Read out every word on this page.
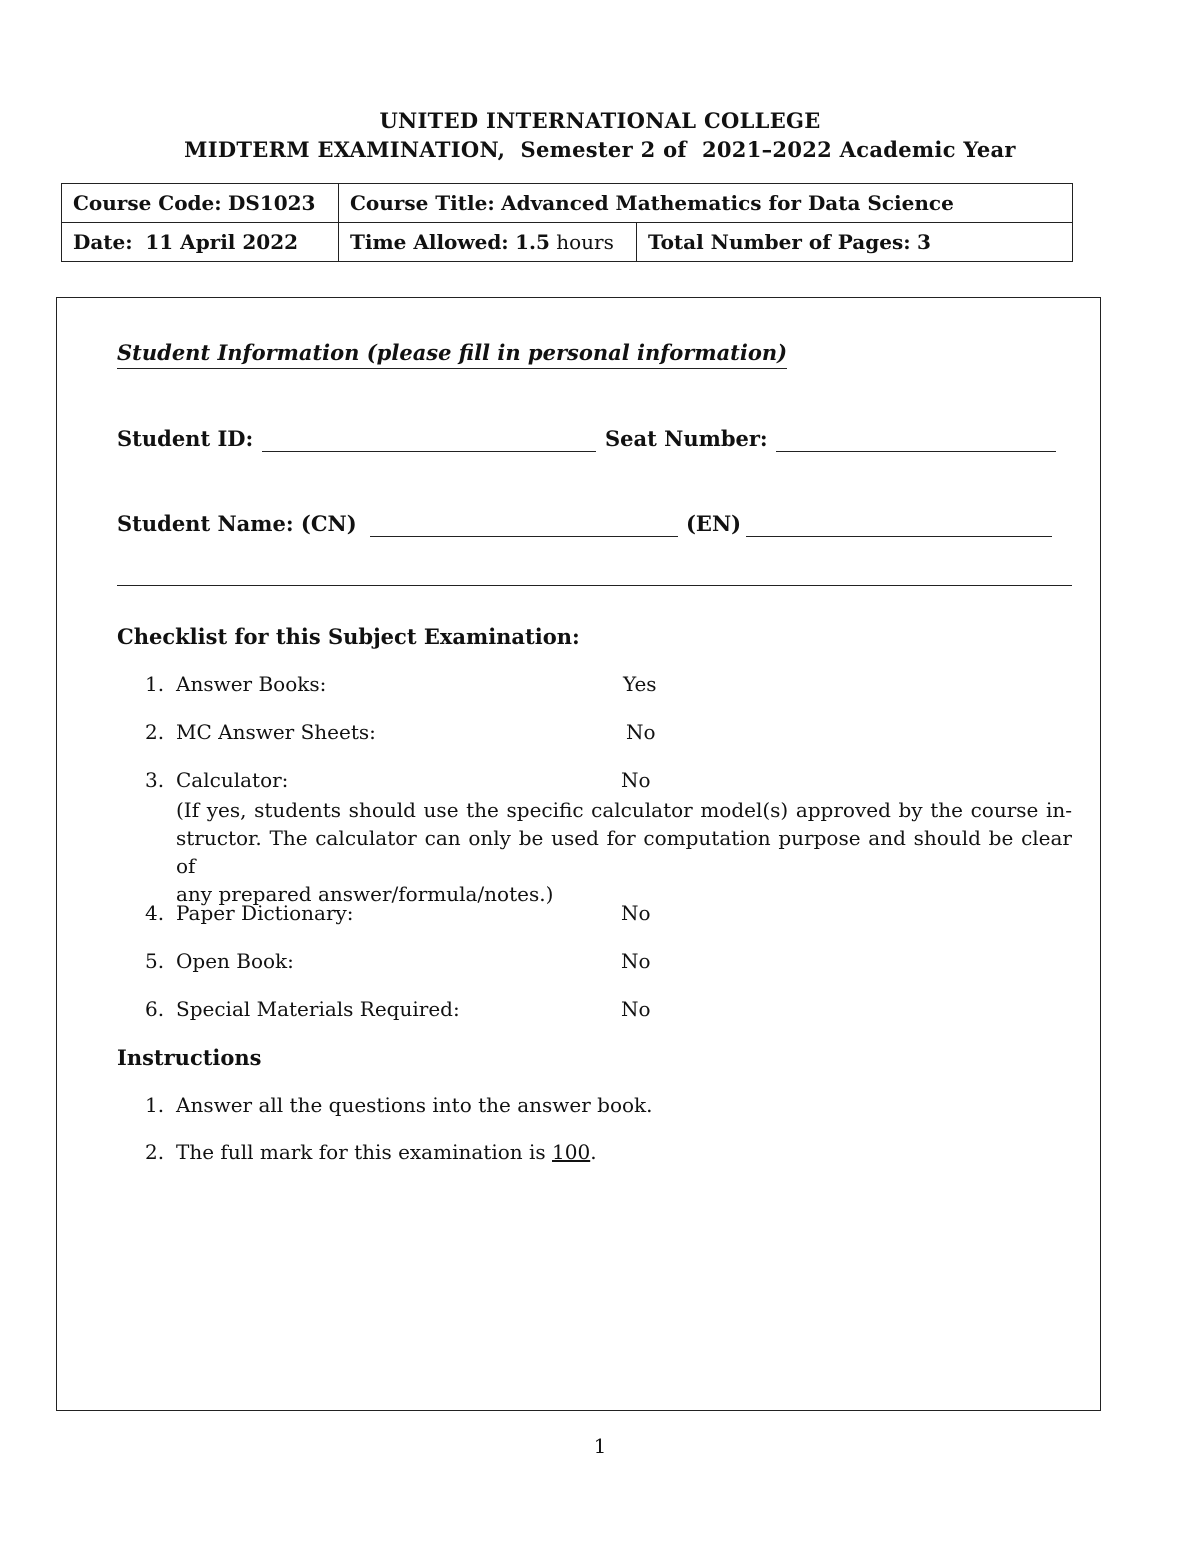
UNITED INTERNATIONAL COLLEGE
MIDTERM EXAMINATION, Semester 2 of 2021–2022 Academic Year
Course Code: DS1023	Course Title: Advanced Mathematics for Data Science	
Date: 11 April 2022	Time Allowed: 1.5 hours	Total Number of Pages: 3
Student Information (please fill in personal information)
Student ID:	Seat Number:
Student Name: (CN)	(EN)
Checklist for this Subject Examination:
1. Answer Books:	Yes
2. MC Answer Sheets:	No
3. Calculator:	No
(If yes, students should use the specific calculator model(s) approved by the course in-
structor. The calculator can only be used for computation purpose and should be clear of
any prepared answer/formula/notes.)
4. Paper Dictionary:	No
5. Open Book:	No
6. Special Materials Required:	No
Instructions
1. Answer all the questions into the answer book.
2. The full mark for this examination is 100.
1
